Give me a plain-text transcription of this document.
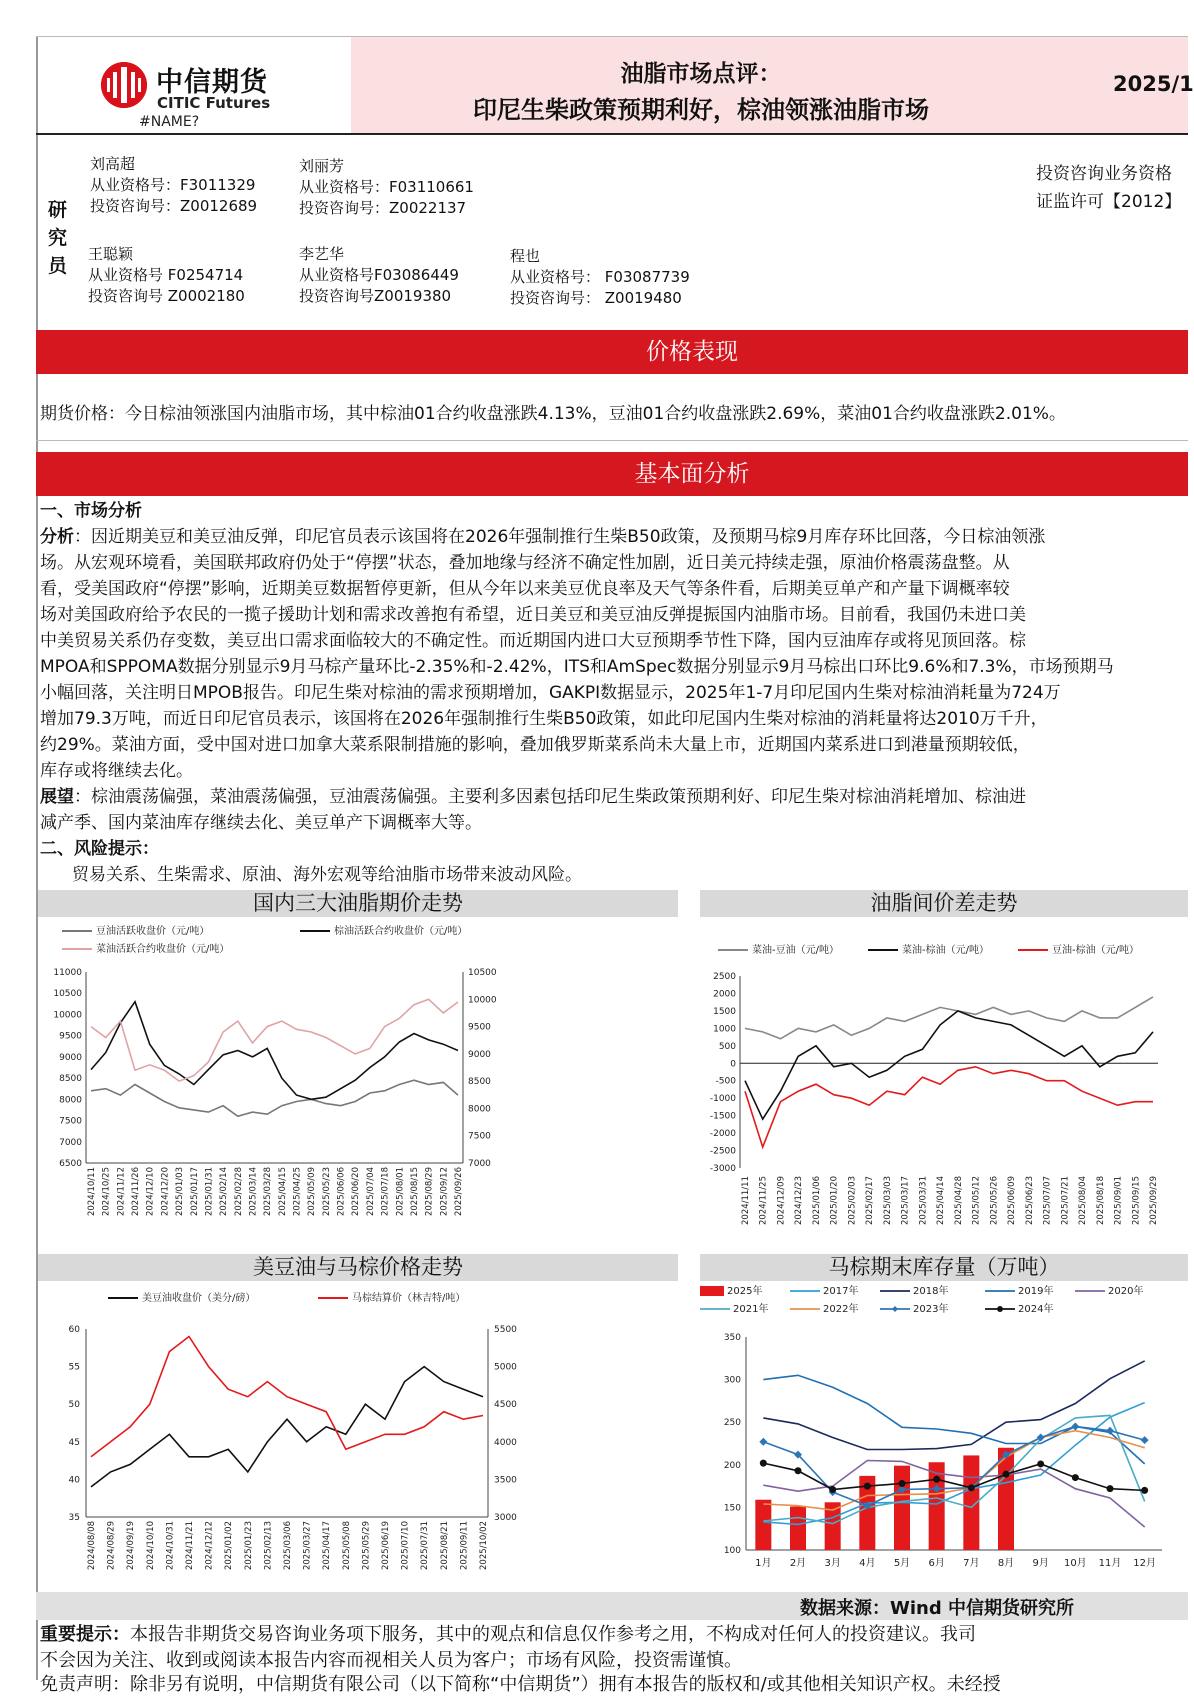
中信期货
CITIC Futures
#NAME?
油脂市场点评：
印尼生柴政策预期利好，棕油领涨油脂市场
2025/1
研究员
刘高超
从业资格号：F3011329
投资咨询号：Z0012689
刘丽芳
从业资格号：F03110661
投资咨询号：Z0022137
王聪颖
从业资格号 F0254714
投资咨询号 Z0002180
李艺华
从业资格号F03086449
投资咨询号Z0019380
程也
从业资格号： F03087739
投资咨询号： Z0019480
投资咨询业务资格
证监许可【2012】
价格表现
期货价格：今日棕油领涨国内油脂市场，其中棕油01合约收盘涨跌4.13%，豆油01合约收盘涨跌2.69%，菜油01合约收盘涨跌2.01%。
基本面分析
一、市场分析
分析：因近期美豆和美豆油反弹，印尼官员表示该国将在2026年强制推行生柴B50政策，及预期马棕9月库存环比回落，今日棕油领涨
场。从宏观环境看，美国联邦政府仍处于“停摆”状态，叠加地缘与经济不确定性加剧，近日美元持续走强，原油价格震荡盘整。从
看，受美国政府“停摆”影响，近期美豆数据暂停更新，但从今年以来美豆优良率及天气等条件看，后期美豆单产和产量下调概率较
场对美国政府给予农民的一揽子援助计划和需求改善抱有希望，近日美豆和美豆油反弹提振国内油脂市场。目前看，我国仍未进口美
中美贸易关系仍存变数，美豆出口需求面临较大的不确定性。而近期国内进口大豆预期季节性下降，国内豆油库存或将见顶回落。棕
MPOA和SPPOMA数据分别显示9月马棕产量环比-2.35%和-2.42%，ITS和AmSpec数据分别显示9月马棕出口环比9.6%和7.3%，市场预期马
小幅回落，关注明日MPOB报告。印尼生柴对棕油的需求预期增加，GAKPI数据显示，2025年1-7月印尼国内生柴对棕油消耗量为724万
增加79.3万吨，而近日印尼官员表示，该国将在2026年强制推行生柴B50政策，如此印尼国内生柴对棕油的消耗量将达2010万千升，
约29%。菜油方面，受中国对进口加拿大菜系限制措施的影响，叠加俄罗斯菜系尚未大量上市，近期国内菜系进口到港量预期较低，
库存或将继续去化。
展望：棕油震荡偏强，菜油震荡偏强，豆油震荡偏强。主要利多因素包括印尼生柴政策预期利好、印尼生柴对棕油消耗增加、棕油进
减产季、国内菜油库存继续去化、美豆单产下调概率大等。
二、风险提示：
贸易关系、生柴需求、原油、海外宏观等给油脂市场带来波动风险。
国内三大油脂期价走势	油脂间价差走势
美豆油与马棕价格走势	马棕期末库存量（万吨）
豆油活跃收盘价（元/吨）	棕油活跃合约收盘价（元/吨）
菜油活跃合约收盘价（元/吨）
11000
10500
10000
9500
9000
8500
8000
7500
7000
6500
10500
10000
9500
9000
8500
8000
7500
7000
2024/10/11 2024/10/25 2024/11/12 2024/11/26 2024/12/10 2024/12/20 2025/01/03 2025/01/17 2025/01/31 2025/02/14 2025/02/28 2025/03/14 2025/03/28 2025/04/15 2025/04/25 2025/05/09 2025/05/23 2025/06/06 2025/06/20 2025/07/04 2025/07/18 2025/08/01 2025/08/15 2025/08/29 2025/09/12 2025/09/26
菜油-豆油（元/吨）	菜油-棕油（元/吨）	豆油-棕油（元/吨）
2500
2000
1500
1000
500
0
-500
-1000
-1500
-2000
-2500
-3000
2024/11/11 2024/11/25 2024/12/09 2024/12/23 2025/01/06 2025/01/20 2025/02/03 2025/02/17 2025/03/03 2025/03/17 2025/03/31 2025/04/14 2025/04/28 2025/05/12 2025/05/26 2025/06/09 2025/06/23 2025/07/07 2025/07/21 2025/08/04 2025/08/18 2025/09/01 2025/09/15 2025/09/29
美豆油收盘价（美分/磅）	马棕结算价（林吉特/吨）
60
55
50
45
40
35
5500
5000
4500
4000
3500
3000
2024/08/08 2024/08/29 2024/09/19 2024/10/10 2024/10/31 2024/11/21 2024/12/12 2025/01/02 2025/01/23 2025/02/13 2025/03/06 2025/03/27 2025/04/17 2025/05/08 2025/05/29 2025/06/19 2025/07/10 2025/07/31 2025/08/21 2025/09/11 2025/10/02
2025年	2017年	2018年	2019年	2020年
2021年	2022年	2023年	2024年
350
300
250
200
150
100
1月 2月 3月 4月 5月 6月 7月 8月 9月 10月 11月 12月
数据来源：Wind 中信期货研究所
重要提示：本报告非期货交易咨询业务项下服务，其中的观点和信息仅作参考之用，不构成对任何人的投资建议。我司
不会因为关注、收到或阅读本报告内容而视相关人员为客户；市场有风险，投资需谨慎。
免责声明：除非另有说明，中信期货有限公司（以下简称“中信期货”）拥有本报告的版权和/或其他相关知识产权。未经授
